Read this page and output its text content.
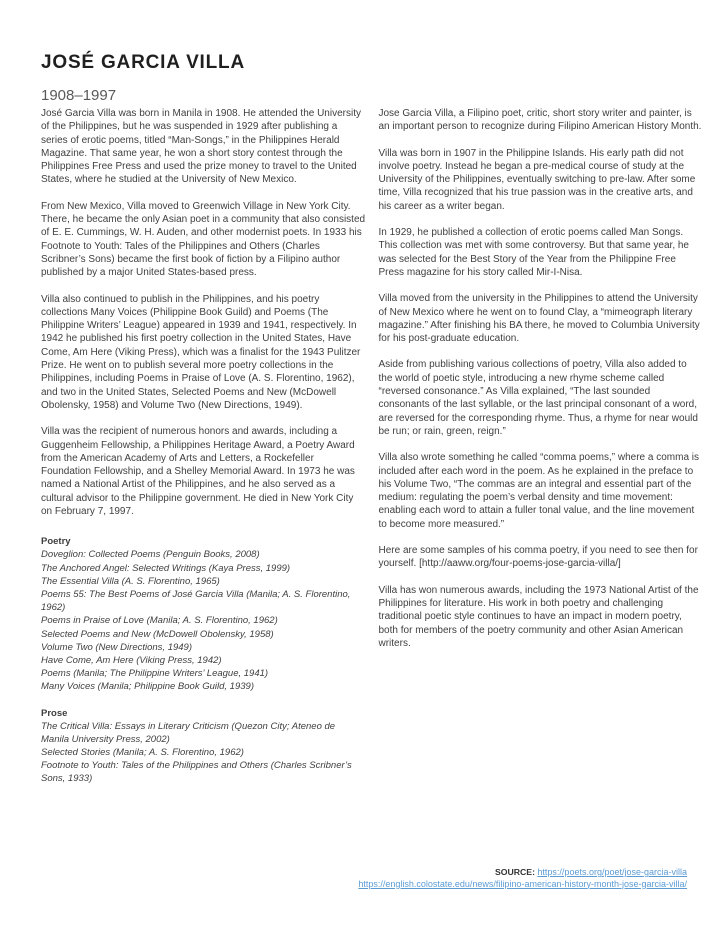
JOSÉ GARCIA VILLA
1908–1997

José Garcia Villa was born in Manila in 1908. He attended the University of the Philippines, but he was suspended in 1929 after publishing a series of erotic poems, titled “Man-Songs,” in the Philippines Herald Magazine. That same year, he won a short story contest through the Philippines Free Press and used the prize money to travel to the United States, where he studied at the University of New Mexico.

From New Mexico, Villa moved to Greenwich Village in New York City. There, he became the only Asian poet in a community that also consisted of E. E. Cummings, W. H. Auden, and other modernist poets. In 1933 his Footnote to Youth: Tales of the Philippines and Others (Charles Scribner’s Sons) became the first book of fiction by a Filipino author published by a major United States-based press.

Villa also continued to publish in the Philippines, and his poetry collections Many Voices (Philippine Book Guild) and Poems (The Philippine Writers’ League) appeared in 1939 and 1941, respectively. In 1942 he published his first poetry collection in the United States, Have Come, Am Here (Viking Press), which was a finalist for the 1943 Pulitzer Prize. He went on to publish several more poetry collections in the Philippines, including Poems in Praise of Love (A. S. Florentino, 1962), and two in the United States, Selected Poems and New (McDowell Obolensky, 1958) and Volume Two (New Directions, 1949).

Villa was the recipient of numerous honors and awards, including a Guggenheim Fellowship, a Philippines Heritage Award, a Poetry Award from the American Academy of Arts and Letters, a Rockefeller Foundation Fellowship, and a Shelley Memorial Award. In 1973 he was named a National Artist of the Philippines, and he also served as a cultural advisor to the Philippine government. He died in New York City on February 7, 1997.

Poetry

Doveglion: Collected Poems (Penguin Books, 2008)

The Anchored Angel: Selected Writings (Kaya Press, 1999)

The Essential Villa (A. S. Florentino, 1965)

Poems 55: The Best Poems of José Garcia Villa (Manila; A. S. Florentino, 1962)

Poems in Praise of Love (Manila; A. S. Florentino, 1962)

Selected Poems and New (McDowell Obolensky, 1958)

Volume Two (New Directions, 1949)

Have Come, Am Here (Viking Press, 1942)

Poems (Manila; The Philippine Writers’ League, 1941)

Many Voices (Manila; Philippine Book Guild, 1939)

Prose

The Critical Villa: Essays in Literary Criticism (Quezon City; Ateneo de Manila University Press, 2002)

Selected Stories (Manila; A. S. Florentino, 1962)

Footnote to Youth: Tales of the Philippines and Others (Charles Scribner’s Sons, 1933)

Jose Garcia Villa, a Filipino poet, critic, short story writer and painter, is an important person to recognize during Filipino American History Month.

Villa was born in 1907 in the Philippine Islands. His early path did not involve poetry. Instead he began a pre-medical course of study at the University of the Philippines, eventually switching to pre-law. After some time, Villa recognized that his true passion was in the creative arts, and his career as a writer began.

In 1929, he published a collection of erotic poems called Man Songs. This collection was met with some controversy. But that same year, he was selected for the Best Story of the Year from the Philippine Free Press magazine for his story called Mir-I-Nisa.

Villa moved from the university in the Philippines to attend the University of New Mexico where he went on to found Clay, a “mimeograph literary magazine.” After finishing his BA there, he moved to Columbia University for his post-graduate education.

Aside from publishing various collections of poetry, Villa also added to the world of poetic style, introducing a new rhyme scheme called “reversed consonance.” As Villa explained, “The last sounded consonants of the last syllable, or the last principal consonant of a word, are reversed for the corresponding rhyme. Thus, a rhyme for near would be run; or rain, green, reign.”

Villa also wrote something he called “comma poems,” where a comma is included after each word in the poem. As he explained in the preface to his Volume Two, “The commas are an integral and essential part of the medium: regulating the poem’s verbal density and time movement: enabling each word to attain a fuller tonal value, and the line movement to become more measured.”

Here are some samples of his comma poetry, if you need to see then for yourself. [http://aaww.org/four-poems-jose-garcia-villa/]

Villa has won numerous awards, including the 1973 National Artist of the Philippines for literature. His work in both poetry and challenging traditional poetic style continues to have an impact in modern poetry, both for members of the poetry community and other Asian American writers.

SOURCE: https://poets.org/poet/jose-garcia-villa
https://english.colostate.edu/news/filipino-american-history-month-jose-garcia-villa/
